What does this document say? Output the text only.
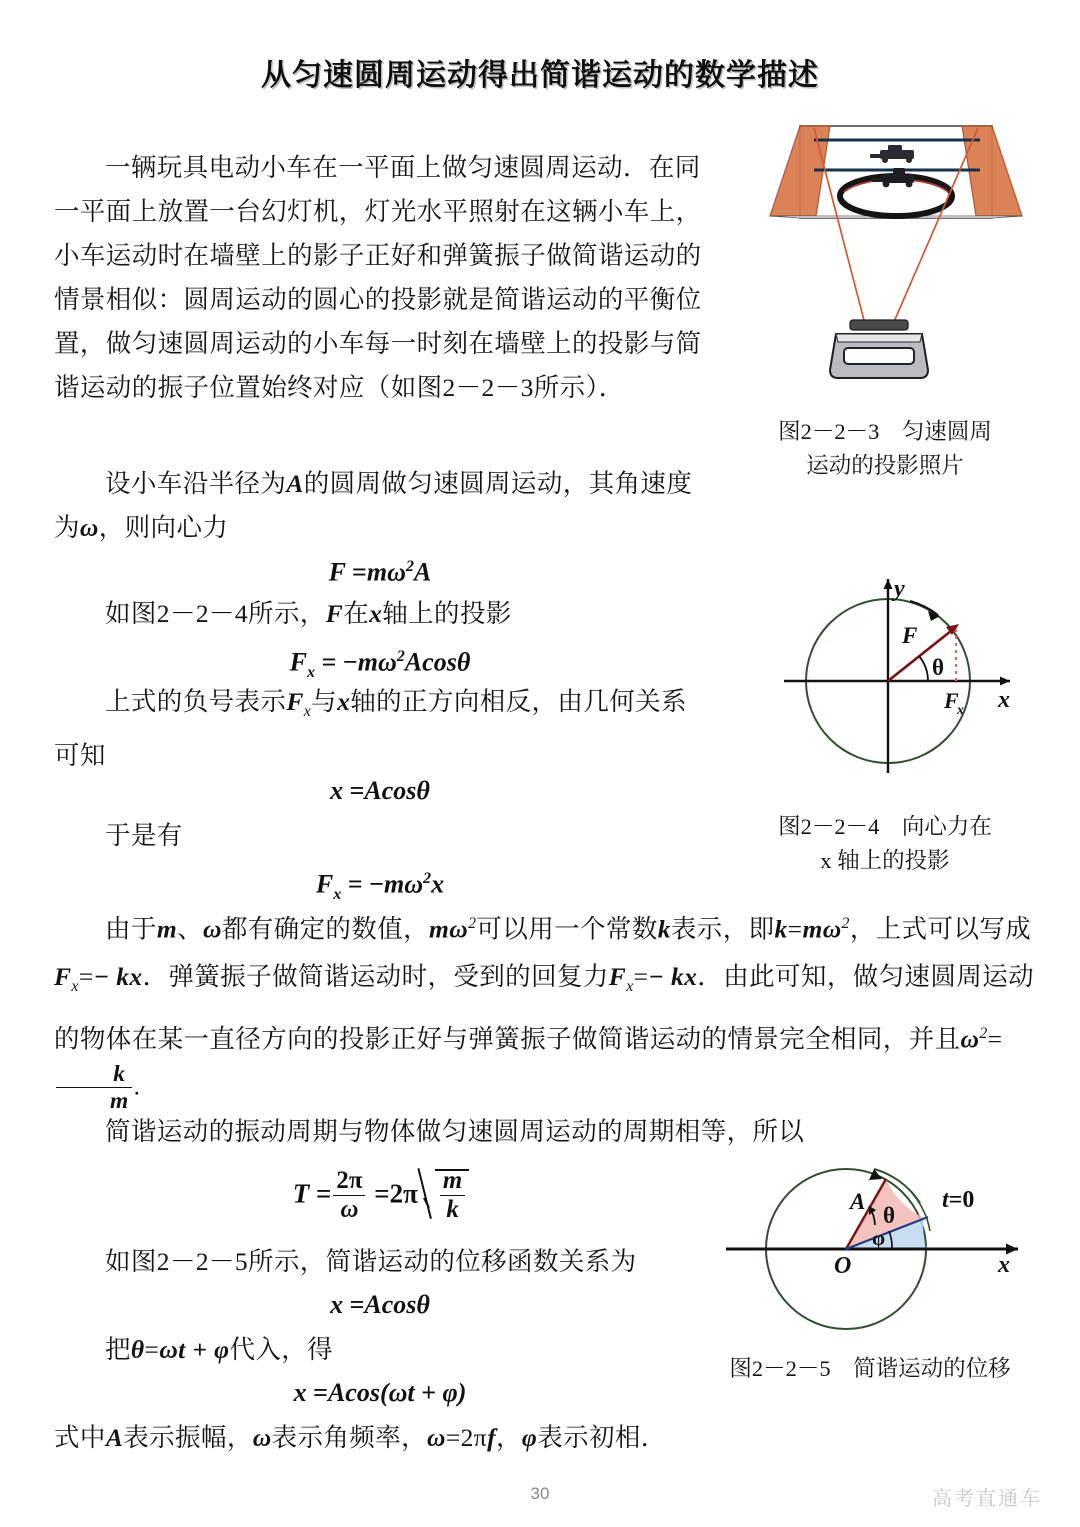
从匀速圆周运动得出简谐运动的数学描述
图2－2－3　匀速圆周
运动的投影照片
F
θ
F
x x
y
图2－2－4　向心力在
x 轴上的投影
A
θ
φ
O	x
t=0
图2－2－5　简谐运动的位移
一辆玩具电动小车在一平面上做匀速圆周运动．在同一平面上放置一台幻灯机，灯光水平照射在这辆小车上，小车运动时在墙壁上的影子正好和弹簧振子做简谐运动的情景相似：圆周运动的圆心的投影就是简谐运动的平衡位置，做匀速圆周运动的小车每一时刻在墙壁上的投影与简谐运动的振子位置始终对应（如图2－2－3所示）．
设小车沿半径为A的圆周做匀速圆周运动，其角速度为ω，则向心力
$F =m\omega^2A$
如图2－2－4所示，F在x轴上的投影
$F_x = -m\omega^2Acos\theta$
上式的负号表示$F_x$与x轴的正方向相反，由几何关系可知
x =Acosθ
于是有
$F_x = -m\omega^2x$
由于m、ω都有确定的数值，$m\omega^2$可以用一个常数k表示，即$k=m\omega^2$，上式可以写成$F_x=-$ kx．弹簧振子做简谐运动时，受到的回复力$F_x=-$ kx．由此可知，做匀速圆周运动的物体在某一直径方向的投影正好与弹簧振子做简谐运动的情景完全相同，并且$\omega^2=$
$\frac{k}{m}$ .
简谐运动的振动周期与物体做匀速圆周运动的周期相等，所以
$T = \frac{2\pi}{\omega} =2\pi \frac{m}{k}$
如图2－2－5所示，简谐运动的位移函数关系为
x =Acosθ
把θ=ωt + φ代入，得
x =Acos(ωt + φ)
式中A表示振幅，ω表示角频率，ω=2πf，φ表示初相．
30	高考直通车
